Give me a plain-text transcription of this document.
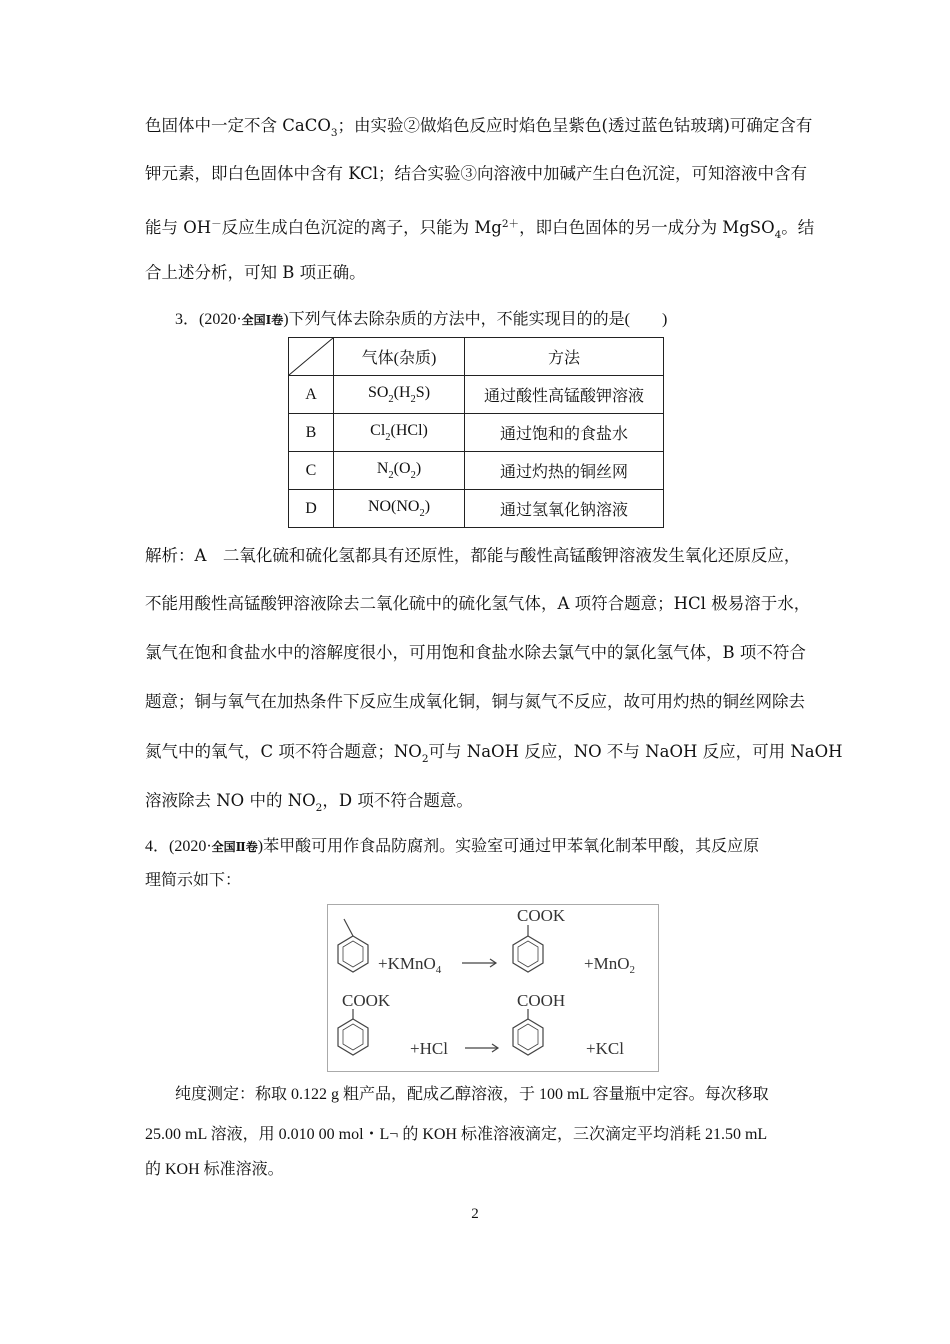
色固体中一定不含 CaCO$_3$；由实验②做焰色反应时焰色呈紫色(透过蓝色钴玻璃)可确定含有
钾元素，即白色固体中含有 KCl；结合实验③向溶液中加碱产生白色沉淀，可知溶液中含有
能与 OH－反应生成白色沉淀的离子，只能为 $Mg^{2+}$，即白色固体的另一成分为 MgSO$_4$。结
合上述分析，可知 B 项正确。
3．(2020·全国Ⅰ卷)下列气体去除杂质的方法中，不能实现目的的是(　　)
	气体(杂质)	方法
A	$SO_2(H_2S)$	通过酸性高锰酸钾溶液
B	$Cl_2(HCl)$	通过饱和的食盐水
C	$N_2(O_2)$	通过灼热的铜丝网
D	$NO(NO_2)$	通过氢氧化钠溶液
解析：A　二氧化硫和硫化氢都具有还原性，都能与酸性高锰酸钾溶液发生氧化还原反应，
不能用酸性高锰酸钾溶液除去二氧化硫中的硫化氢气体，A 项符合题意；HCl 极易溶于水，
氯气在饱和食盐水中的溶解度很小，可用饱和食盐水除去氯气中的氯化氢气体，B 项不符合
题意；铜与氧气在加热条件下反应生成氧化铜，铜与氮气不反应，故可用灼热的铜丝网除去
氮气中的氧气，C 项不符合题意；$NO_2$可与 NaOH 反应，NO 不与 NaOH 反应，可用 NaOH
溶液除去 NO 中的 $NO_2$，D 项不符合题意。
4．(2020·全国Ⅱ卷)苯甲酸可用作食品防腐剂。实验室可通过甲苯氧化制苯甲酸，其反应原
理简示如下：
+KMnO$_4$
COOK
+MnO$_2$
COOK
+HCl
COOH
+KCl
纯度测定：称取 0.122 g 粗产品，配成乙醇溶液，于 100 mL 容量瓶中定容。每次移取
25.00 mL 溶液，用 0.010 00 mol・L¬ 的 KOH 标准溶液滴定，三次滴定平均消耗 21.50 mL
的 KOH 标准溶液。
2
